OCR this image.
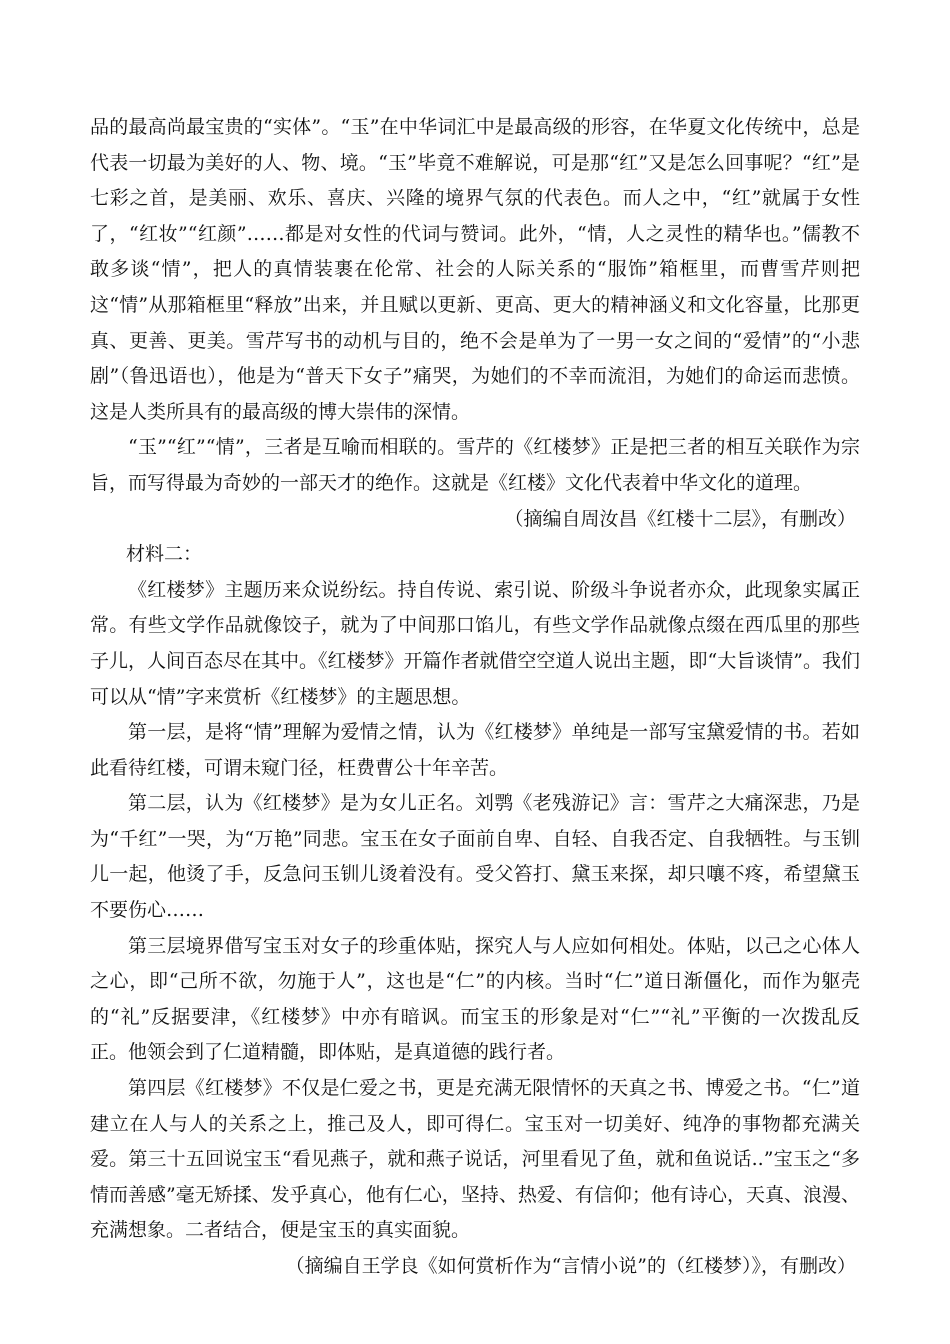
品的最高尚最宝贵的“实体”。“玉”在中华词汇中是最高级的形容，在华夏文化传统中，总是代表一切最为美好的人、物、境。“玉”毕竟不难解说，可是那“红”又是怎么回事呢？“红”是七彩之首，是美丽、欢乐、喜庆、兴隆的境界气氛的代表色。而人之中，“红”就属于女性了，“红妆”“红颜”……都是对女性的代词与赞词。此外，“情，人之灵性的精华也。”儒教不敢多谈“情”，把人的真情装裹在伦常、社会的人际关系的“服饰”箱框里，而曹雪芹则把这“情”从那箱框里“释放”出来，并且赋以更新、更高、更大的精神涵义和文化容量，比那更真、更善、更美。雪芹写书的动机与目的，绝不会是单为了一男一女之间的“爱情”的“小悲剧”（鲁迅语也），他是为“普天下女子”痛哭，为她们的不幸而流泪，为她们的命运而悲愤。这是人类所具有的最高级的博大崇伟的深情。

“玉”“红”“情”，三者是互喻而相联的。雪芹的《红楼梦》正是把三者的相互关联作为宗旨，而写得最为奇妙的一部天才的绝作。这就是《红楼》文化代表着中华文化的道理。

（摘编自周汝昌《红楼十二层》，有删改）

材料二：

《红楼梦》主题历来众说纷纭。持自传说、索引说、阶级斗争说者亦众，此现象实属正常。有些文学作品就像饺子，就为了中间那口馅儿，有些文学作品就像点缀在西瓜里的那些子儿，人间百态尽在其中。《红楼梦》开篇作者就借空空道人说出主题，即“大旨谈情”。我们可以从“情”字来赏析《红楼梦》的主题思想。

第一层，是将“情”理解为爱情之情，认为《红楼梦》单纯是一部写宝黛爱情的书。若如此看待红楼，可谓未窥门径，枉费曹公十年辛苦。

第二层，认为《红楼梦》是为女儿正名。刘鹗《老残游记》言：雪芹之大痛深悲，乃是为“千红”一哭，为“万艳”同悲。宝玉在女子面前自卑、自轻、自我否定、自我牺牲。与玉钏儿一起，他烫了手，反急问玉钏儿烫着没有。受父笞打、黛玉来探，却只嚷不疼，希望黛玉不要伤心……

第三层境界借写宝玉对女子的珍重体贴，探究人与人应如何相处。体贴，以己之心体人之心，即“己所不欲，勿施于人”，这也是“仁”的内核。当时“仁”道日渐僵化，而作为躯壳的“礼”反据要津，《红楼梦》中亦有暗讽。而宝玉的形象是对“仁”“礼”平衡的一次拨乱反正。他领会到了仁道精髓，即体贴，是真道德的践行者。

第四层《红楼梦》不仅是仁爱之书，更是充满无限情怀的天真之书、博爱之书。“仁”道建立在人与人的关系之上，推己及人，即可得仁。宝玉对一切美好、纯净的事物都充满关爱。第三十五回说宝玉“看见燕子，就和燕子说话，河里看见了鱼，就和鱼说话..”宝玉之“多情而善感”毫无矫揉、发乎真心，他有仁心，坚持、热爱、有信仰；他有诗心，天真、浪漫、充满想象。二者结合，便是宝玉的真实面貌。

（摘编自王学良《如何赏析作为“言情小说”的（红楼梦）》，有删改）
